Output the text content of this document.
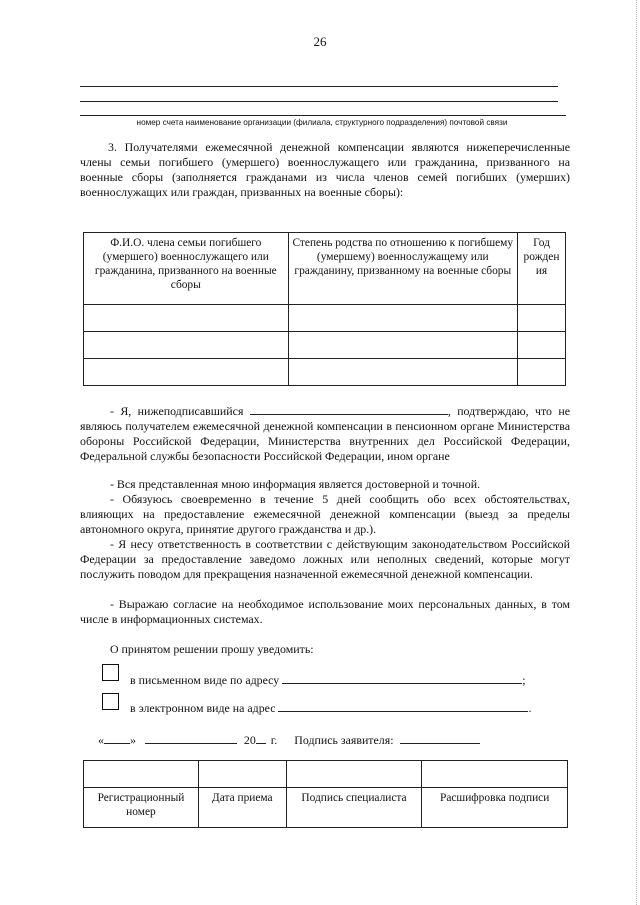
26
номер счета наименование организации (филиала, структурного подразделения) почтовой связи
3. Получателями ежемесячной денежной компенсации являются нижеперечисленные члены семьи погибшего (умершего) военнослужащего или гражданина, призванного на военные сборы (заполняется гражданами из числа членов семей погибших (умерших) военнослужащих или граждан, призванных на военные сборы):
Ф.И.О. члена семьи погибшего (умершего) военнослужащего или гражданина, призванного на военные сборы	Степень родства по отношению к погибшему (умершему) военнослужащему или гражданину, призванному на военные сборы	Год рожден ия

- Я, нижеподписавшийся	, подтверждаю, что не являюсь получателем ежемесячной денежной компенсации в пенсионном органе Министерства обороны Российской Федерации, Министерства внутренних дел Российской Федерации, Федеральной службы безопасности Российской Федерации, ином органе
- Вся представленная мною информация является достоверной и точной.
- Обязуюсь своевременно в течение 5 дней сообщить обо всех обстоятельствах, влияющих на предоставление ежемесячной денежной компенсации (выезд за пределы автономного округа, принятие другого гражданства и др.).
- Я несу ответственность в соответствии с действующим законодательством Российской Федерации за предоставление заведомо ложных или неполных сведений, которые могут послужить поводом для прекращения назначенной ежемесячной денежной компенсации.
- Выражаю согласие на необходимое использование моих персональных данных, в том числе в информационных системах.
О принятом решении прошу уведомить:
в письменном виде по адресу	;
в электронном виде на адрес	.
« »	20 г. Подпись заявителя:

Регистрационный номер	Дата приема	Подпись специалиста	Расшифровка подписи
